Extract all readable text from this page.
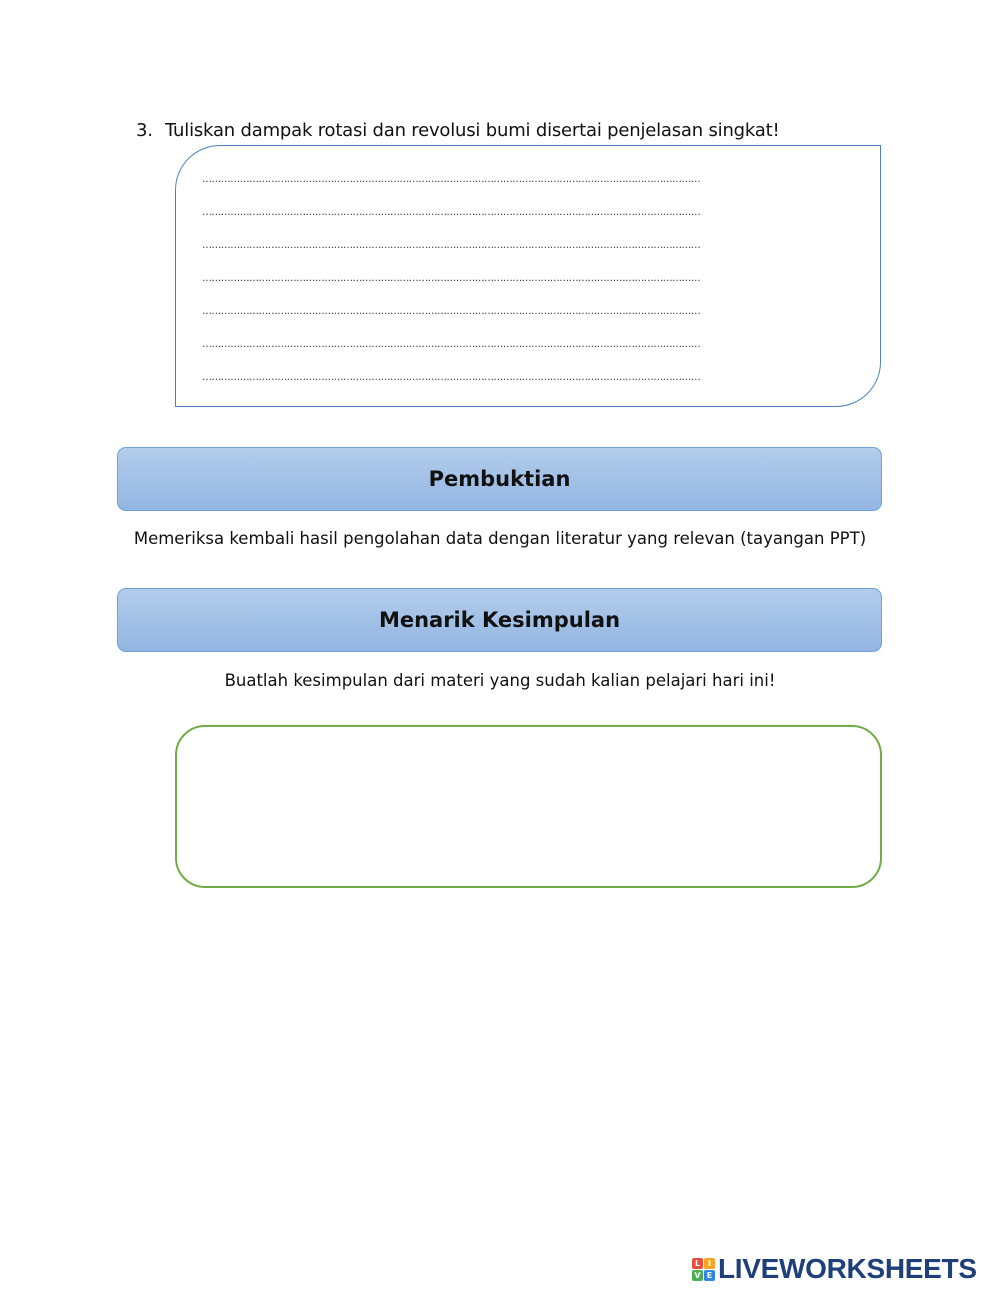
3. Tuliskan dampak rotasi dan revolusi bumi disertai penjelasan singkat!
……………………………………………………………………………………………………………………………………………
……………………………………………………………………………………………………………………………………………
……………………………………………………………………………………………………………………………………………
……………………………………………………………………………………………………………………………………………
……………………………………………………………………………………………………………………………………………
……………………………………………………………………………………………………………………………………………
……………………………………………………………………………………………………………………………………………
Pembuktian
Memeriksa kembali hasil pengolahan data dengan literatur yang relevan (tayangan PPT)
Menarik Kesimpulan
Buatlah kesimpulan dari materi yang sudah kalian pelajari hari ini!
L I
V E LIVEWORKSHEETS
